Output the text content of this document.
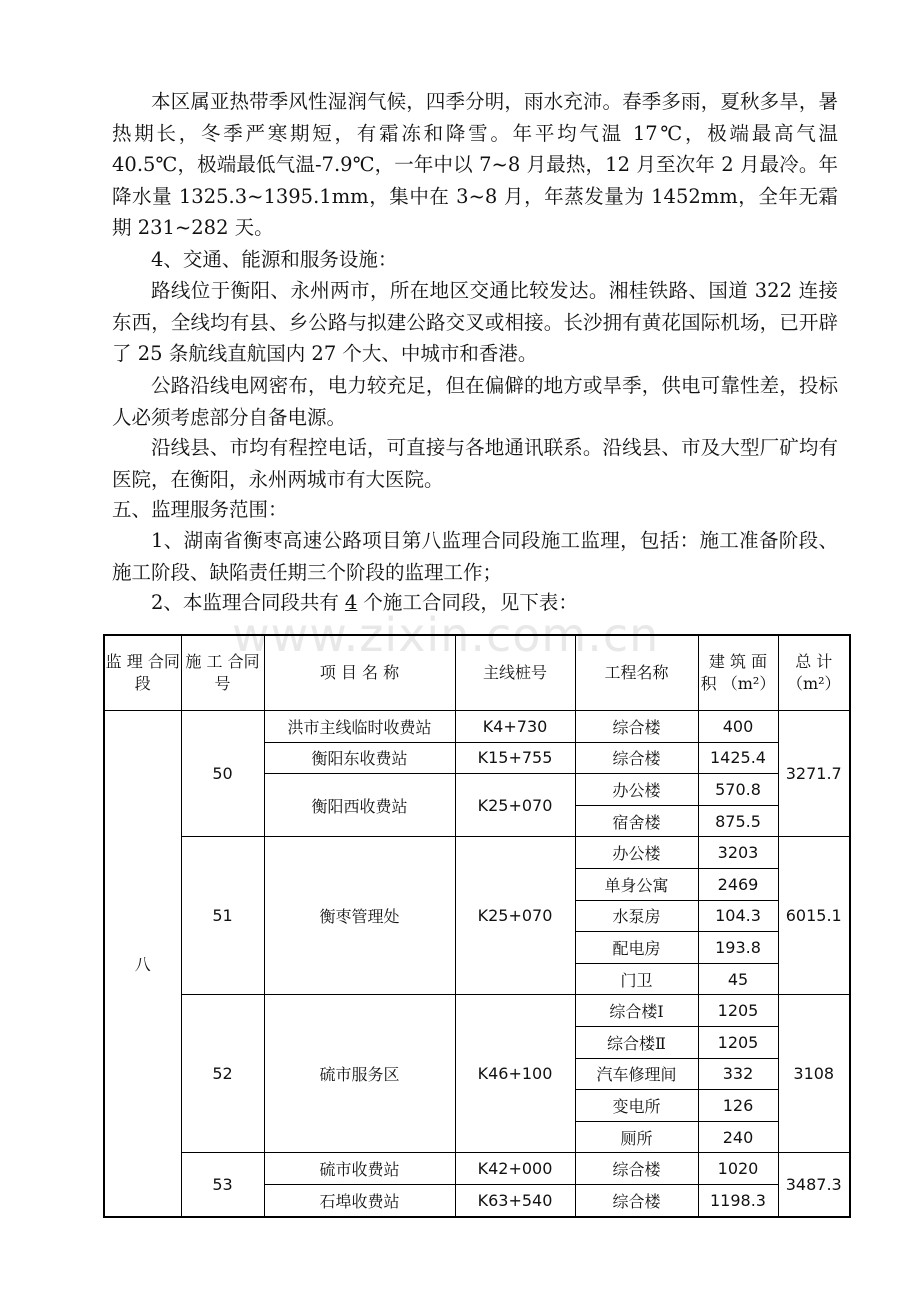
本区属亚热带季风性湿润气候，四季分明，雨水充沛。春季多雨，夏秋多旱，暑热期长，冬季严寒期短，有霜冻和降雪。年平均气温 17℃，极端最高气温 40.5℃，极端最低气温-7.9℃，一年中以 7~8 月最热，12 月至次年 2 月最冷。年降水量 1325.3~1395.1mm，集中在 3~8 月，年蒸发量为 1452mm，全年无霜期 231~282 天。

4、交通、能源和服务设施：

路线位于衡阳、永州两市，所在地区交通比较发达。湘桂铁路、国道 322 连接东西，全线均有县、乡公路与拟建公路交叉或相接。长沙拥有黄花国际机场，已开辟了 25 条航线直航国内 27 个大、中城市和香港。

公路沿线电网密布，电力较充足，但在偏僻的地方或旱季，供电可靠性差，投标人必须考虑部分自备电源。

沿线县、市均有程控电话，可直接与各地通讯联系。沿线县、市及大型厂矿均有医院，在衡阳，永州两城市有大医院。

五、监理服务范围：

1、湖南省衡枣高速公路项目第八监理合同段施工监理，包括：施工准备阶段、施工阶段、缺陷责任期三个阶段的监理工作；

2、本监理合同段共有 4 个施工合同段，见下表：

www.zixin.com.cn
监 理 合同段	施 工 合同号	项 目 名 称	主线桩号	工程名称	建 筑 面 积 （m²）	总 计 （m²）
八	50	洪市主线临时收费站	K4+730	综合楼	400	3271.7
		衡阳东收费站	K15+755	综合楼	1425.4	
		衡阳西收费站	K25+070	办公楼	570.8	
				宿舍楼	875.5	
	51	衡枣管理处	K25+070	办公楼	3203	6015.1
				单身公寓	2469	
				水泵房	104.3	
				配电房	193.8	
				门卫	45	
	52	硫市服务区	K46+100	综合楼Ⅰ	1205	3108
				综合楼Ⅱ	1205	
				汽车修理间	332	
				变电所	126	
				厕所	240	
	53	硫市收费站	K42+000	综合楼	1020	3487.3
		石埠收费站	K63+540	综合楼	1198.3	
